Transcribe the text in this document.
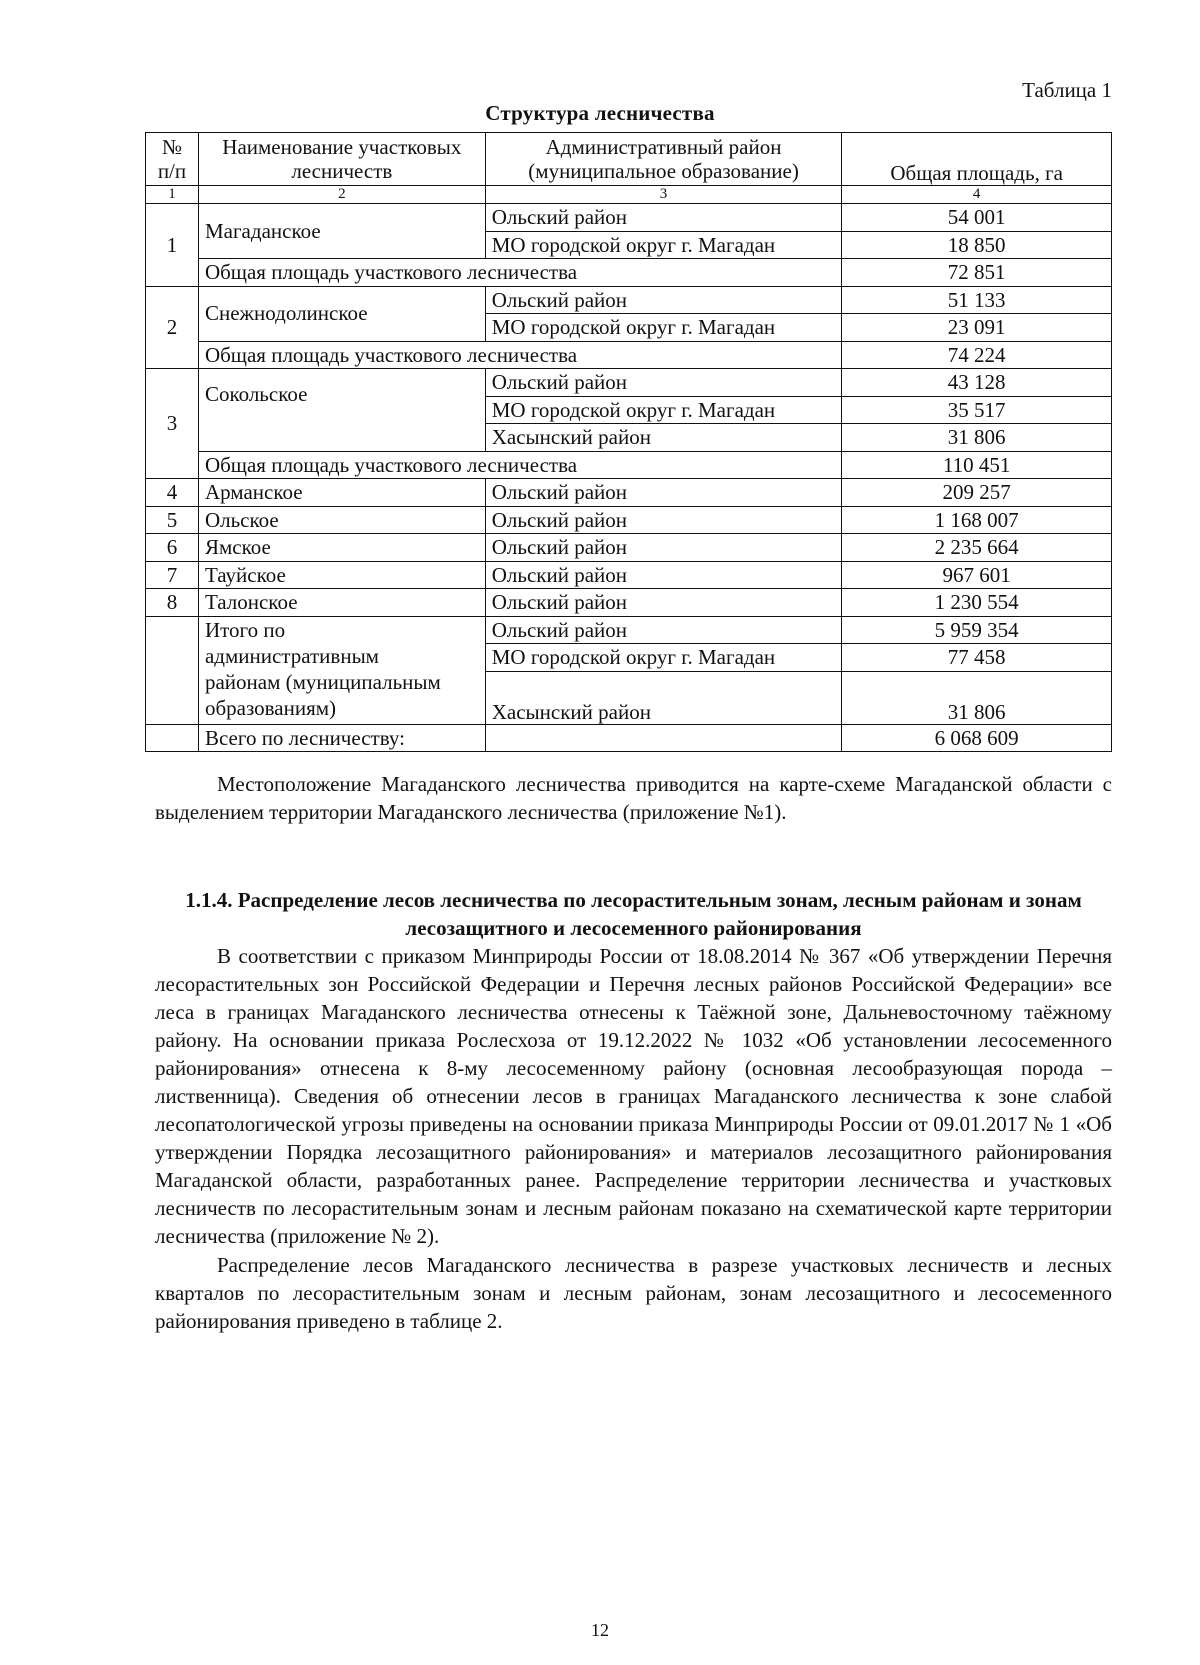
Таблица 1
Структура лесничества
№ п/п	Наименование участковых лесничеств	Административный район (муниципальное образование)	Общая площадь, га
1	2	3	4
1	Магаданское	Ольский район	54 001
		МО городской округ г. Магадан	18 850
	Общая площадь участкового лесничества		72 851
2	Снежнодолинское	Ольский район	51 133
		МО городской округ г. Магадан	23 091
	Общая площадь участкового лесничества		74 224
3	Сокольское	Ольский район	43 128
		МО городской округ г. Магадан	35 517
		Хасынский район	31 806
	Общая площадь участкового лесничества		110 451
4	Арманское	Ольский район	209 257
5	Ольское	Ольский район	1 168 007
6	Ямское	Ольский район	2 235 664
7	Тауйское	Ольский район	967 601
8	Талонское	Ольский район	1 230 554

	Итого по
административным
районам (муниципальным
образованиям)	Ольский район	5 959 354
		МО городской округ г. Магадан	77 458
		Хасынский район	31 806
	Всего по лесничеству:		6 068 609
Местоположение Магаданского лесничества приводится на карте-схеме Магаданской области с выделением территории Магаданского лесничества (приложение №1).
1.1.4. Распределение лесов лесничества по лесорастительным зонам, лесным районам и зонам лесозащитного и лесосеменного районирования
В соответствии с приказом Минприроды России от 18.08.2014 № 367 «Об утверждении Перечня лесорастительных зон Российской Федерации и Перечня лесных районов Российской Федерации» все леса в границах Магаданского лесничества отнесены к Таёжной зоне, Дальневосточному таёжному району. На основании приказа Рослесхоза от 19.12.2022 № 1032 «Об установлении лесосеменного районирования» отнесена к 8-му лесосеменному району (основная лесообразующая порода – лиственница). Сведения об отнесении лесов в границах Магаданского лесничества к зоне слабой лесопатологической угрозы приведены на основании приказа Минприроды России от 09.01.2017 № 1 «Об утверждении Порядка лесозащитного районирования» и материалов лесозащитного районирования Магаданской области, разработанных ранее. Распределение территории лесничества и участковых лесничеств по лесорастительным зонам и лесным районам показано на схематической карте территории лесничества (приложение № 2).
Распределение лесов Магаданского лесничества в разрезе участковых лесничеств и лесных кварталов по лесорастительным зонам и лесным районам, зонам лесозащитного и лесосеменного районирования приведено в таблице 2.
12
